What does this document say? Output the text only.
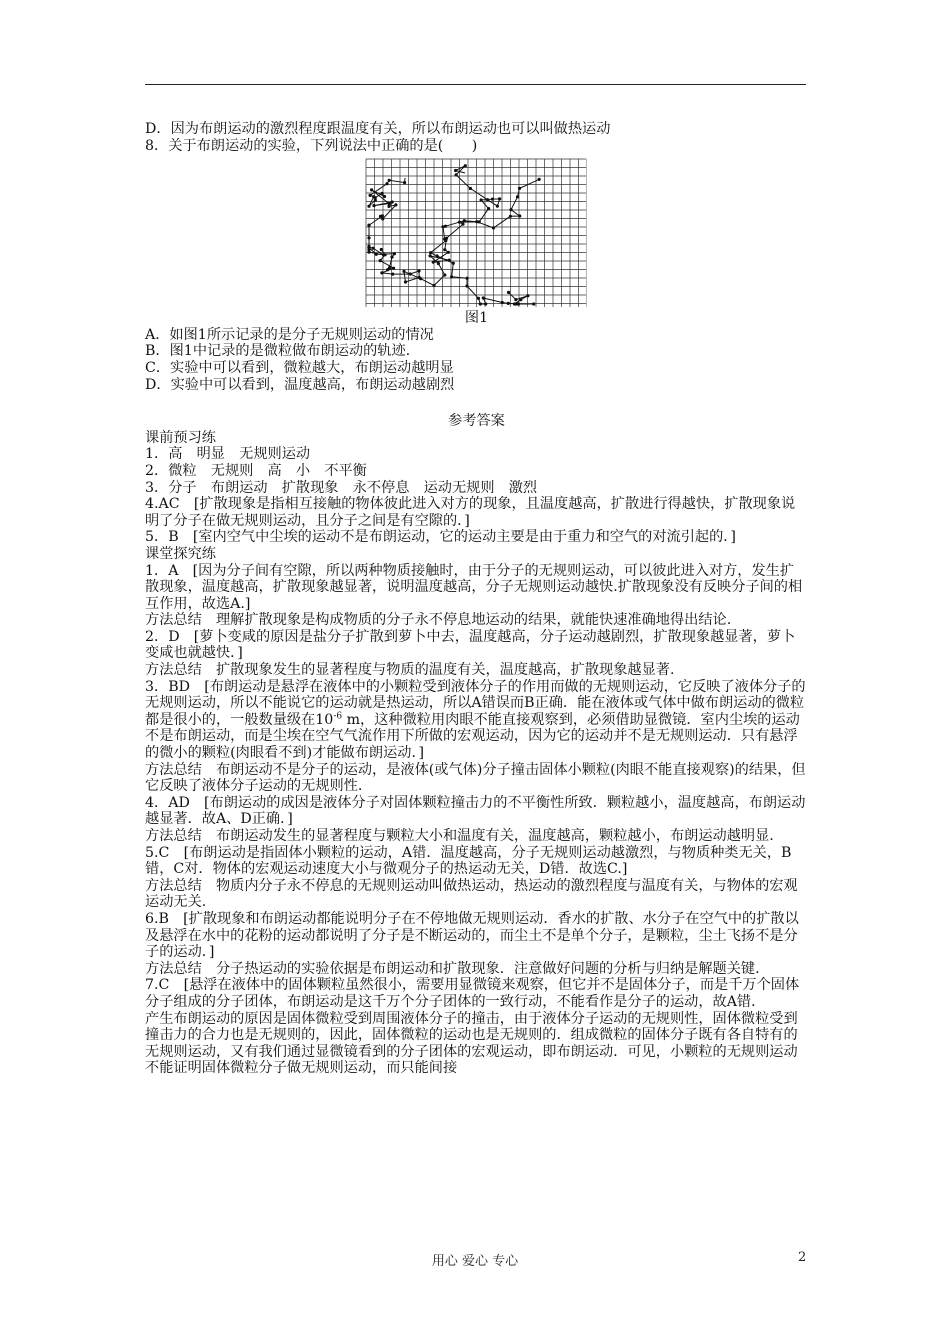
D．因为布朗运动的激烈程度跟温度有关，所以布朗运动也可以叫做热运动
8．关于布朗运动的实验，下列说法中正确的是(　　)
图1
A．如图1所示记录的是分子无规则运动的情况
B．图1中记录的是微粒做布朗运动的轨迹.
C．实验中可以看到，微粒越大，布朗运动越明显
D．实验中可以看到，温度越高，布朗运动越剧烈
参考答案
课前预习练
1．高　明显　无规则运动
2．微粒　无规则　高　小　不平衡
3．分子　布朗运动　扩散现象　永不停息　运动无规则　激烈
4.AC　[扩散现象是指相互接触的物体彼此进入对方的现象，且温度越高，扩散进行得越快，扩散现象说明了分子在做无规则运动，且分子之间是有空隙的．]
5．B　[室内空气中尘埃的运动不是布朗运动，它的运动主要是由于重力和空气的对流引起的．]
课堂探究练
1．A　[因为分子间有空隙，所以两种物质接触时，由于分子的无规则运动，可以彼此进入对方，发生扩散现象，温度越高，扩散现象越显著，说明温度越高，分子无规则运动越快.扩散现象没有反映分子间的相互作用，故选A.]
方法总结　理解扩散现象是构成物质的分子永不停息地运动的结果，就能快速准确地得出结论.
2．D　[萝卜变咸的原因是盐分子扩散到萝卜中去，温度越高，分子运动越剧烈，扩散现象越显著，萝卜变咸也就越快．]
方法总结　扩散现象发生的显著程度与物质的温度有关，温度越高，扩散现象越显著.
3．BD　[布朗运动是悬浮在液体中的小颗粒受到液体分子的作用而做的无规则运动，它反映了液体分子的无规则运动，所以不能说它的运动就是热运动，所以A错误而B正确．能在液体或气体中做布朗运动的微粒都是很小的，一般数量级在$10^{-6}$ m，这种微粒用肉眼不能直接观察到，必须借助显微镜．室内尘埃的运动不是布朗运动，而是尘埃在空气气流作用下所做的宏观运动，因为它的运动并不是无规则运动．只有悬浮的微小的颗粒(肉眼看不到)才能做布朗运动．]
方法总结　布朗运动不是分子的运动，是液体(或气体)分子撞击固体小颗粒(肉眼不能直接观察)的结果，但它反映了液体分子运动的无规则性.
4．AD　[布朗运动的成因是液体分子对固体颗粒撞击力的不平衡性所致．颗粒越小，温度越高，布朗运动越显著．故A、D正确．]
方法总结　布朗运动发生的显著程度与颗粒大小和温度有关，温度越高，颗粒越小，布朗运动越明显.
5.C　[布朗运动是指固体小颗粒的运动，A错．温度越高，分子无规则运动越激烈，与物质种类无关，B错，C对．物体的宏观运动速度大小与微观分子的热运动无关，D错．故选C.]
方法总结　物质内分子永不停息的无规则运动叫做热运动，热运动的激烈程度与温度有关，与物体的宏观运动无关.
6.B　[扩散现象和布朗运动都能说明分子在不停地做无规则运动．香水的扩散、水分子在空气中的扩散以及悬浮在水中的花粉的运动都说明了分子是不断运动的，而尘土不是单个分子，是颗粒，尘土飞扬不是分子的运动．]
方法总结　分子热运动的实验依据是布朗运动和扩散现象．注意做好问题的分析与归纳是解题关键.
7.C　[悬浮在液体中的固体颗粒虽然很小，需要用显微镜来观察，但它并不是固体分子，而是千万个固体分子组成的分子团体，布朗运动是这千万个分子团体的一致行动，不能看作是分子的运动，故A错．
产生布朗运动的原因是固体微粒受到周围液体分子的撞击，由于液体分子运动的无规则性，固体微粒受到撞击力的合力也是无规则的，因此，固体微粒的运动也是无规则的．组成微粒的固体分子既有各自特有的无规则运动，又有我们通过显微镜看到的分子团体的宏观运动，即布朗运动．可见，小颗粒的无规则运动不能证明固体微粒分子做无规则运动，而只能间接
用心 爱心 专心	2
